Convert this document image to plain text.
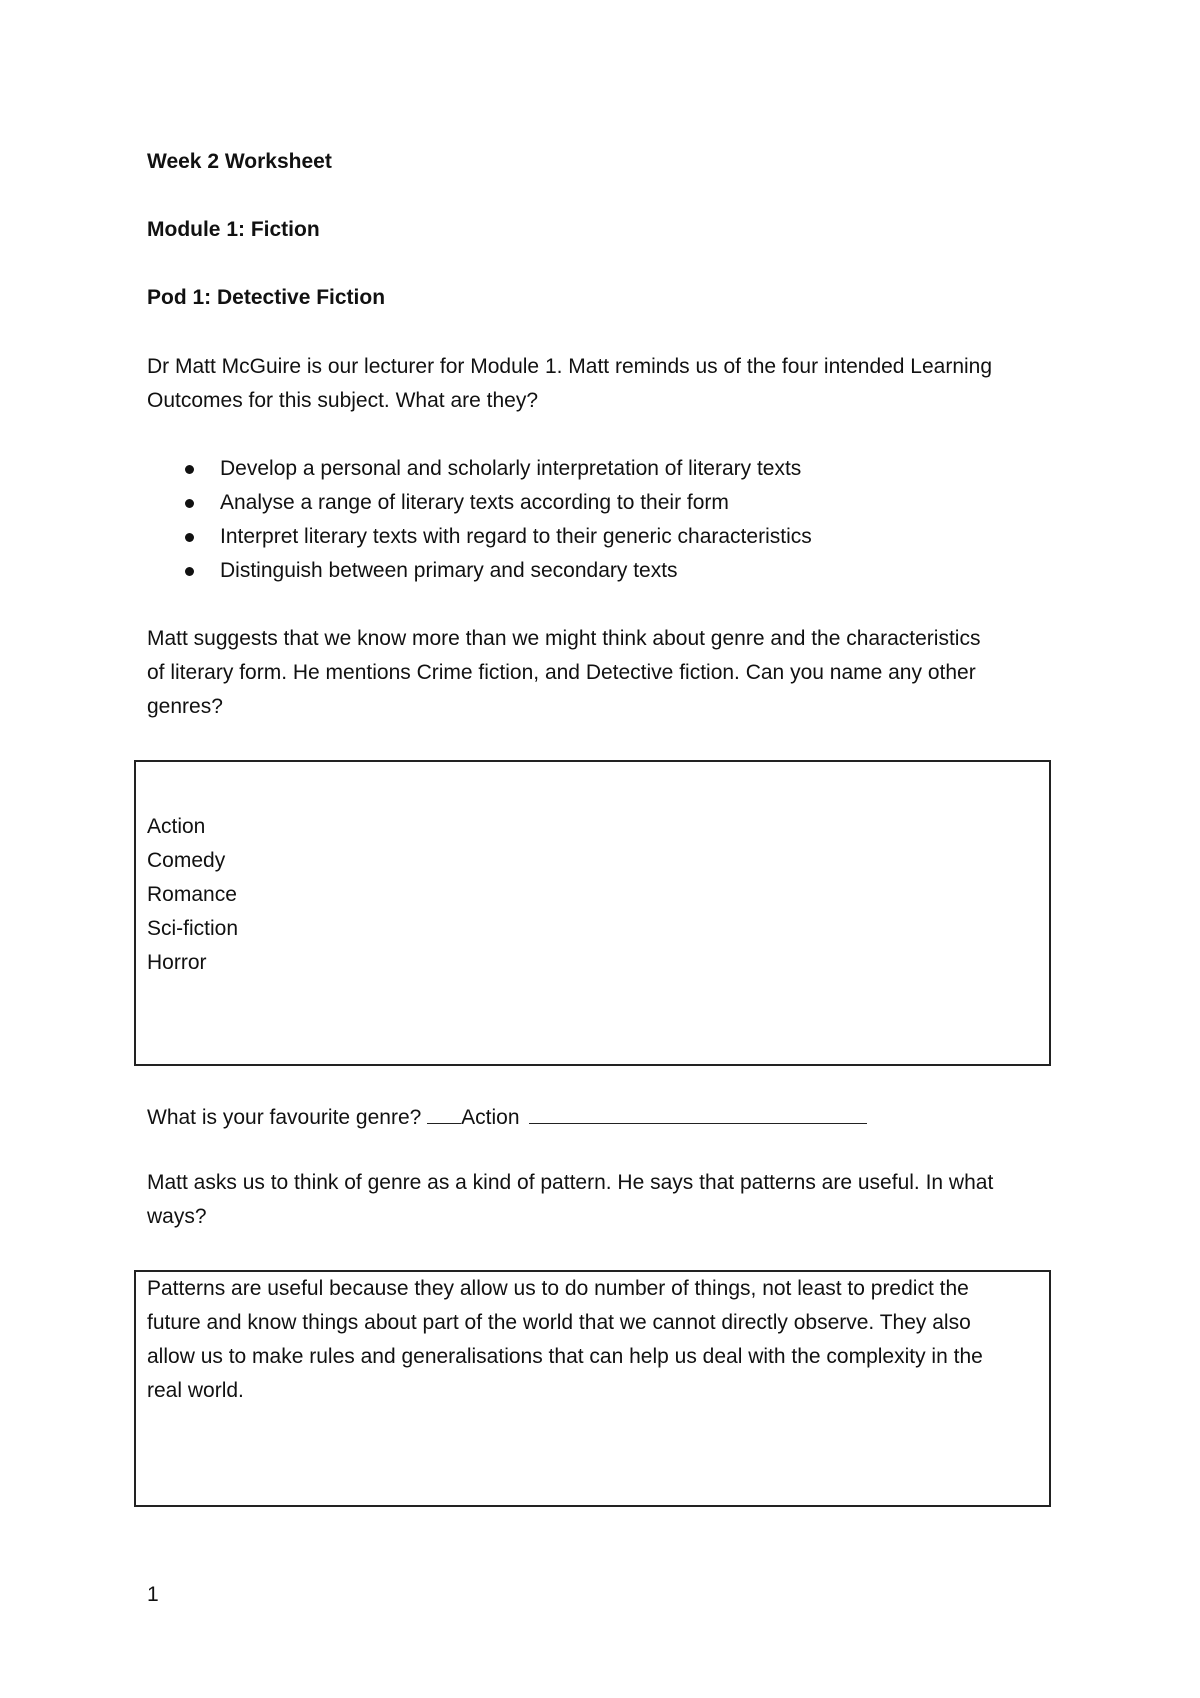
Week 2 Worksheet

Module 1: Fiction

Pod 1: Detective Fiction

Dr Matt McGuire is our lecturer for Module 1. Matt reminds us of the four intended Learning

Outcomes for this subject. What are they?

Develop a personal and scholarly interpretation of literary texts
Analyse a range of literary texts according to their form
Interpret literary texts with regard to their generic characteristics
Distinguish between primary and secondary texts

Matt suggests that we know more than we might think about genre and the characteristics

of literary form. He mentions Crime fiction, and Detective fiction. Can you name any other

genres?

Action
Comedy
Romance
Sci-fiction
Horror
What is your favourite genre? Action

Matt asks us to think of genre as a kind of pattern. He says that patterns are useful. In what

ways?

Patterns are useful because they allow us to do number of things, not least to predict the
future and know things about part of the world that we cannot directly observe. They also
allow us to make rules and generalisations that can help us deal with the complexity in the
real world.
1
